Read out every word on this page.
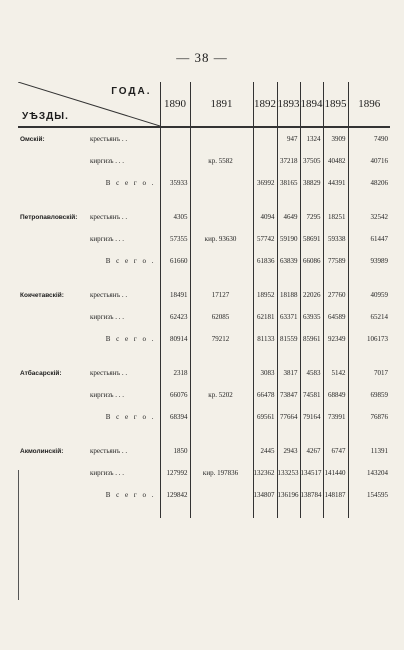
— 38 —
ГОДА.
УѢЗДЫ.		1890	1891	1892	1893	1894	1895	1896
Омскій:	крестьянъ . .				947	1324	3909	7490
	киргизъ . . .		кр. 5582		37218	37505	40482	40716
	В с е г о .	35933		36992	38165	38829	44391	48206

Петропавловскій:	крестьянъ . .	4305		4094	4649	7295	18251	32542
	киргизъ . . .	57355	кир. 93630	57742	59190	58691	59338	61447
	В с е г о .	61660		61836	63839	66086	77589	93989

Кокчетавскій:	крестьянъ . .	18491	17127	18952	18188	22026	27760	40959
	киргизъ . . .	62423	62085	62181	63371	63935	64589	65214
	В с е г о .	80914	79212	81133	81559	85961	92349	106173

Атбасарскій:	крестьянъ . .	2318		3083	3817	4583	5142	7017
	киргизъ . . .	66076	кр. 5202	66478	73847	74581	68849	69859
	В с е г о .	68394		69561	77664	79164	73991	76876

Акмолинскій:	крестьянъ . .	1850		2445	2943	4267	6747	11391
	киргизъ . . .	127992	кир. 197836	132362	133253	134517	141440	143204
	В с е г о .	129842		134807	136196	138784	148187	154595
